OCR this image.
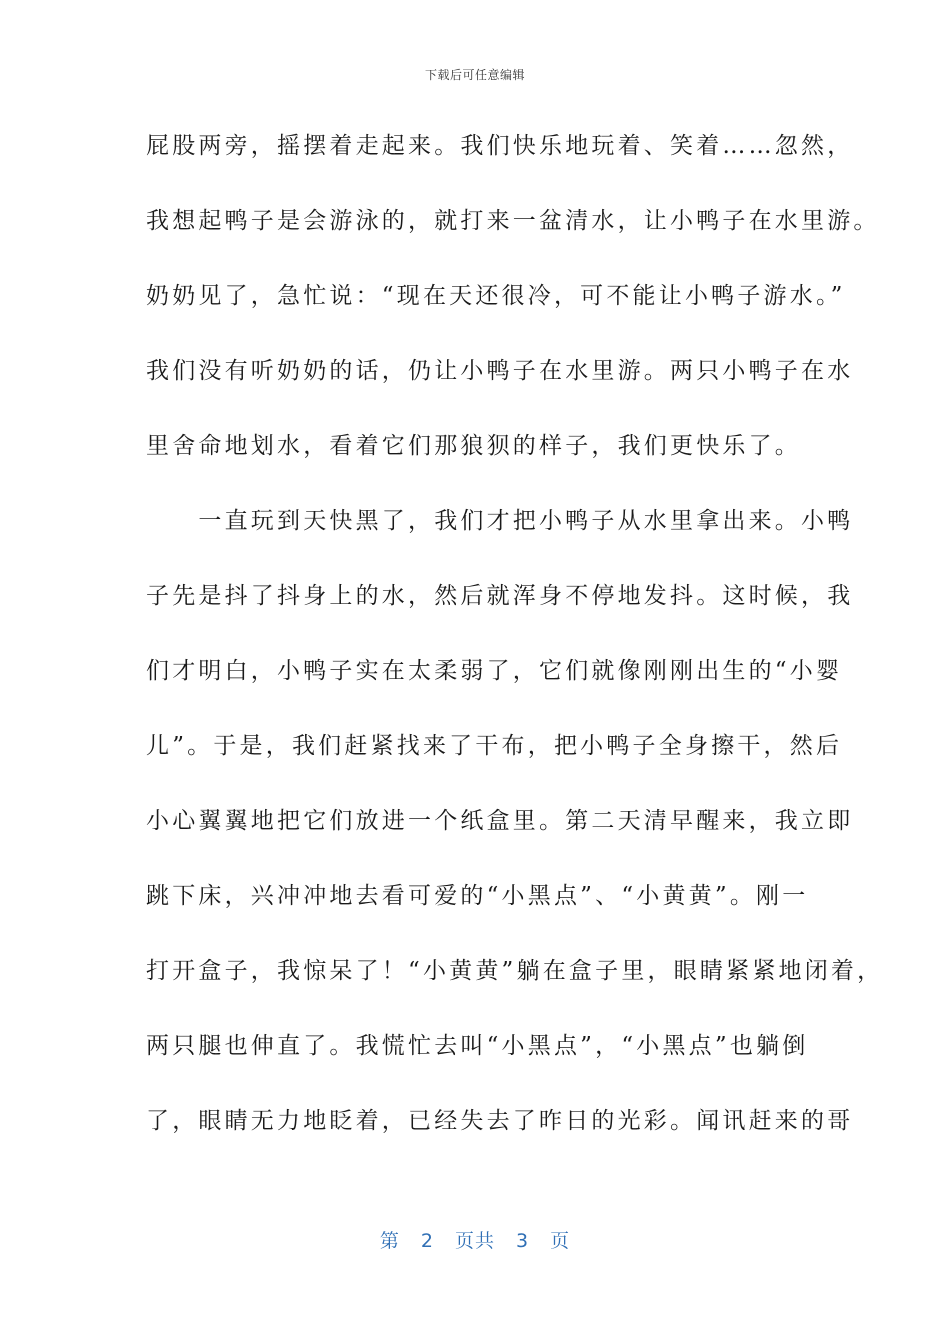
下载后可任意编辑
屁股两旁，摇摆着走起来。我们快乐地玩着、笑着……忽然，
我想起鸭子是会游泳的，就打来一盆清水，让小鸭子在水里游。
奶奶见了，急忙说：“现在天还很冷，可不能让小鸭子游水。”
我们没有听奶奶的话，仍让小鸭子在水里游。两只小鸭子在水
里舍命地划水，看着它们那狼狈的样子，我们更快乐了。
　　一直玩到天快黑了，我们才把小鸭子从水里拿出来。小鸭
子先是抖了抖身上的水，然后就浑身不停地发抖。这时候，我
们才明白，小鸭子实在太柔弱了，它们就像刚刚出生的“小婴
儿”。于是，我们赶紧找来了干布，把小鸭子全身擦干，然后
小心翼翼地把它们放进一个纸盒里。第二天清早醒来，我立即
跳下床，兴冲冲地去看可爱的“小黑点”、“小黄黄”。刚一
打开盒子，我惊呆了！“小黄黄”躺在盒子里，眼睛紧紧地闭着，
两只腿也伸直了。我慌忙去叫“小黑点”，“小黑点”也躺倒
了，眼睛无力地眨着，已经失去了昨日的光彩。闻讯赶来的哥
第 2 页共 3 页
